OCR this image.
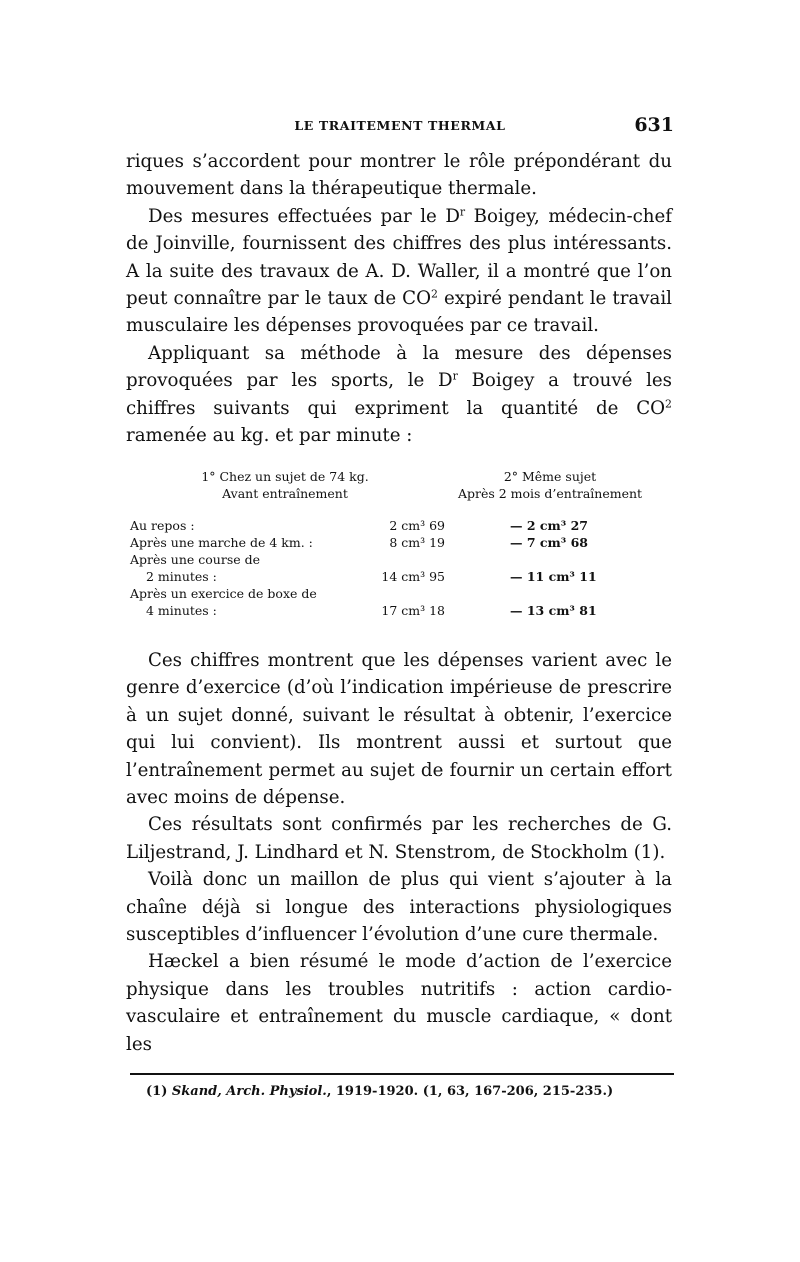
LE TRAITEMENT THERMAL	631

riques s’accordent pour montrer le rôle prépondérant du mouvement dans la thérapeutique thermale.

Des mesures effectuées par le $D^r$ Boigey, médecin-chef de Joinville, fournissent des chiffres des plus intéressants. A la suite des travaux de A. D. Waller, il a montré que l’on peut connaître par le taux de $CO^2$ expiré pendant le travail musculaire les dépenses provoquées par ce travail.

Appliquant sa méthode à la mesure des dépenses provoquées par les sports, le $D^r$ Boigey a trouvé les chiffres suivants qui expriment la quantité de $CO^2$ ramenée au kg. et par minute :

1° Chez un sujet de 74 kg.
Avant entraînement
2° Même sujet
Après 2 mois d’entraînement
Au repos :	2 cm³ 69	— 2 cm³ 27
Après une marche de 4 km. :	8 cm³ 19	— 7 cm³ 68
Après une course de
2 minutes :	14 cm³ 95	— 11 cm³ 11
Après un exercice de boxe de
4 minutes :	17 cm³ 18	— 13 cm³ 81

Ces chiffres montrent que les dépenses varient avec le genre d’exercice (d’où l’indication impérieuse de prescrire à un sujet donné, suivant le résultat à obtenir, l’exercice qui lui convient). Ils montrent aussi et surtout que l’entraînement permet au sujet de fournir un certain effort avec moins de dépense.

Ces résultats sont confirmés par les recherches de G. Liljestrand, J. Lindhard et N. Stenstrom, de Stockholm (1).

Voilà donc un maillon de plus qui vient s’ajouter à la chaîne déjà si longue des interactions physiologiques susceptibles d’influencer l’évolution d’une cure thermale.

Hæckel a bien résumé le mode d’action de l’exercice physique dans les troubles nutritifs : action cardio-vasculaire et entraînement du muscle cardiaque, « dont les

(1) Skand, Arch. Physiol., 1919-1920. (1, 63, 167-206, 215-235.)
